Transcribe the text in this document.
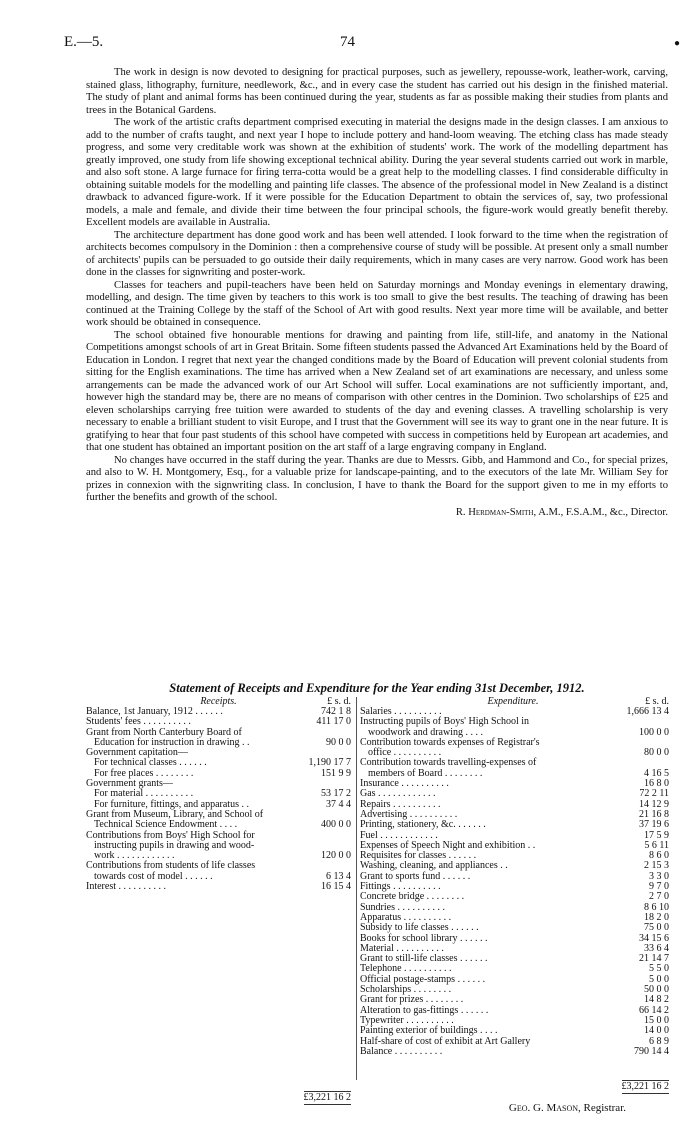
E.—5.	74	●

The work in design is now devoted to designing for practical purposes, such as jewellery, repousse-work, leather-work, carving, stained glass, lithography, furniture, needlework, &c., and in every case the student has carried out his design in the finished material. The study of plant and animal forms has been continued during the year, students as far as possible making their studies from plants and trees in the Botanical Gardens.

The work of the artistic crafts department comprised executing in material the designs made in the design classes. I am anxious to add to the number of crafts taught, and next year I hope to include pottery and hand-loom weaving. The etching class has made steady progress, and some very creditable work was shown at the exhibition of students' work. The work of the modelling department has greatly improved, one study from life showing exceptional technical ability. During the year several students carried out work in marble, and also soft stone. A large furnace for firing terra-cotta would be a great help to the modelling classes. I find considerable difficulty in obtaining suitable models for the modelling and painting life classes. The absence of the professional model in New Zealand is a distinct drawback to advanced figure-work. If it were possible for the Education Department to obtain the services of, say, two professional models, a male and female, and divide their time between the four principal schools, the figure-work would greatly benefit thereby. Excellent models are available in Australia.

The architecture department has done good work and has been well attended. I look forward to the time when the registration of architects becomes compulsory in the Dominion : then a comprehensive course of study will be possible. At present only a small number of architects' pupils can be persuaded to go outside their daily requirements, which in many cases are very narrow. Good work has been done in the classes for signwriting and poster-work.

Classes for teachers and pupil-teachers have been held on Saturday mornings and Monday evenings in elementary drawing, modelling, and design. The time given by teachers to this work is too small to give the best results. The teaching of drawing has been continued at the Training College by the staff of the School of Art with good results. Next year more time will be available, and better work should be obtained in consequence.

The school obtained five honourable mentions for drawing and painting from life, still-life, and anatomy in the National Competitions amongst schools of art in Great Britain. Some fifteen students passed the Advanced Art Examinations held by the Board of Education in London. I regret that next year the changed conditions made by the Board of Education will prevent colonial students from sitting for the English examinations. The time has arrived when a New Zealand set of art examinations are necessary, and unless some arrangements can be made the advanced work of our Art School will suffer. Local examinations are not sufficiently important, and, however high the standard may be, there are no means of comparison with other centres in the Dominion. Two scholarships of £25 and eleven scholarships carrying free tuition were awarded to students of the day and evening classes. A travelling scholarship is very necessary to enable a brilliant student to visit Europe, and I trust that the Government will see its way to grant one in the near future. It is gratifying to hear that four past students of this school have competed with success in competitions held by European art academies, and that one student has obtained an important position on the art staff of a large engraving company in England.

No changes have occurred in the staff during the year. Thanks are due to Messrs. Gibb, and Hammond and Co., for special prizes, and also to W. H. Montgomery, Esq., for a valuable prize for landscape-painting, and to the executors of the late Mr. William Sey for prizes in connexion with the signwriting class. In conclusion, I have to thank the Board for the support given to me in my efforts to further the benefits and growth of the school.

R. Herdman-Smith, A.M., F.S.A.M., &c., Director.
Statement of Receipts and Expenditure for the Year ending 31st December, 1912.
Receipts.	£ s. d.
Balance, 1st January, 1912 . . . . . .	742 1 8
Students' fees . . . . . . . . . .	411 17 0
Grant from North Canterbury Board of
Education for instruction in drawing . .	90 0 0
Government capitation—
For technical classes . . . . . .	1,190 17 7
For free places . . . . . . . .	151 9 9
Government grants—
For material . . . . . . . . . .	53 17 2
For furniture, fittings, and apparatus . .	37 4 4
Grant from Museum, Library, and School of
Technical Science Endowment . . . .	400 0 0
Contributions from Boys' High School for
instructing pupils in drawing and wood-
work . . . . . . . . . . . .	120 0 0
Contributions from students of life classes
towards cost of model . . . . . .	6 13 4
Interest . . . . . . . . . .	16 15 4
£3,221 16 2
Expenditure.	£ s. d.
Salaries . . . . . . . . . .	1,666 13 4
Instructing pupils of Boys' High School in
woodwork and drawing . . . .	100 0 0
Contribution towards expenses of Registrar's
office . . . . . . . . . .	80 0 0
Contribution towards travelling-expenses of
members of Board . . . . . . . .	4 16 5
Insurance . . . . . . . . . .	16 8 0
Gas . . . . . . . . . . . .	72 2 11
Repairs . . . . . . . . . .	14 12 9
Advertising . . . . . . . . . .	21 16 8
Printing, stationery, &c. . . . . . .	37 19 6
Fuel . . . . . . . . . . . .	17 5 9
Expenses of Speech Night and exhibition . .	5 6 11
Requisites for classes . . . . . .	8 6 0
Washing, cleaning, and appliances . .	2 15 3
Grant to sports fund . . . . . .	3 3 0
Fittings . . . . . . . . . .	9 7 0
Concrete bridge . . . . . . . .	2 7 0
Sundries . . . . . . . . . .	8 6 10
Apparatus . . . . . . . . . .	18 2 0
Subsidy to life classes . . . . . .	75 0 0
Books for school library . . . . . .	34 15 6
Material . . . . . . . . . .	33 6 4
Grant to still-life classes . . . . . .	21 14 7
Telephone . . . . . . . . . .	5 5 0
Official postage-stamps . . . . . .	5 0 0
Scholarships . . . . . . . .	50 0 0
Grant for prizes . . . . . . . .	14 8 2
Alteration to gas-fittings . . . . . .	66 14 2
Typewriter . . . . . . . . . .	15 0 0
Painting exterior of buildings . . . .	14 0 0
Half-share of cost of exhibit at Art Gallery	6 8 9
Balance . . . . . . . . . .	790 14 4
£3,221 16 2
Geo. G. Mason, Registrar.
